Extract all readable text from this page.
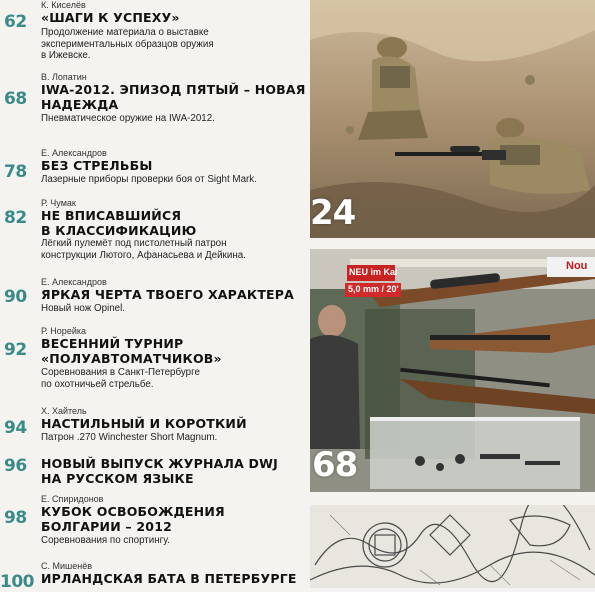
62
К. Киселёв
«ШАГИ К УСПЕХУ»
Продолжение материала о выставке
экспериментальных образцов оружия
в Ижевске.
68
В. Лопатин
IWA-2012. ЭПИЗОД ПЯТЫЙ – НОВАЯ
НАДЕЖДА
Пневматическое оружие на IWA-2012.
78
Е. Александров
БЕЗ СТРЕЛЬБЫ
Лазерные приборы проверки боя от Sight Mark.
82
Р. Чумак
НЕ ВПИСАВШИЙСЯ
В КЛАССИФИКАЦИЮ
Лёгкий пулемёт под пистолетный патрон
конструкции Лютого, Афанасьева и Дейкина.
90
Е. Александров
ЯРКАЯ ЧЕРТА ТВОЕГО ХАРАКТЕРА
Новый нож Opinel.
92
Р. Норейка
ВЕСЕННИЙ ТУРНИР
«ПОЛУАВТОМАТЧИКОВ»
Соревнования в Санкт-Петербурге
по охотничьей стрельбе.
94
Х. Хайтель
НАСТИЛЬНЫЙ И КОРОТКИЙ
Патрон .270 Winchester Short Magnum.
96	НОВЫЙ ВЫПУСК ЖУРНАЛА DWJ
НА РУССКОМ ЯЗЫКЕ
98
Е. Спиридонов
КУБОК ОСВОБОЖДЕНИЯ
БОЛГАРИИ – 2012
Соревнования по спортингу.
100
С. Мишенёв
ИРЛАНДСКАЯ БАТА В ПЕТЕРБУРГЕ
24
NEU im Kal
5,0 mm / 20'
Nou
68
